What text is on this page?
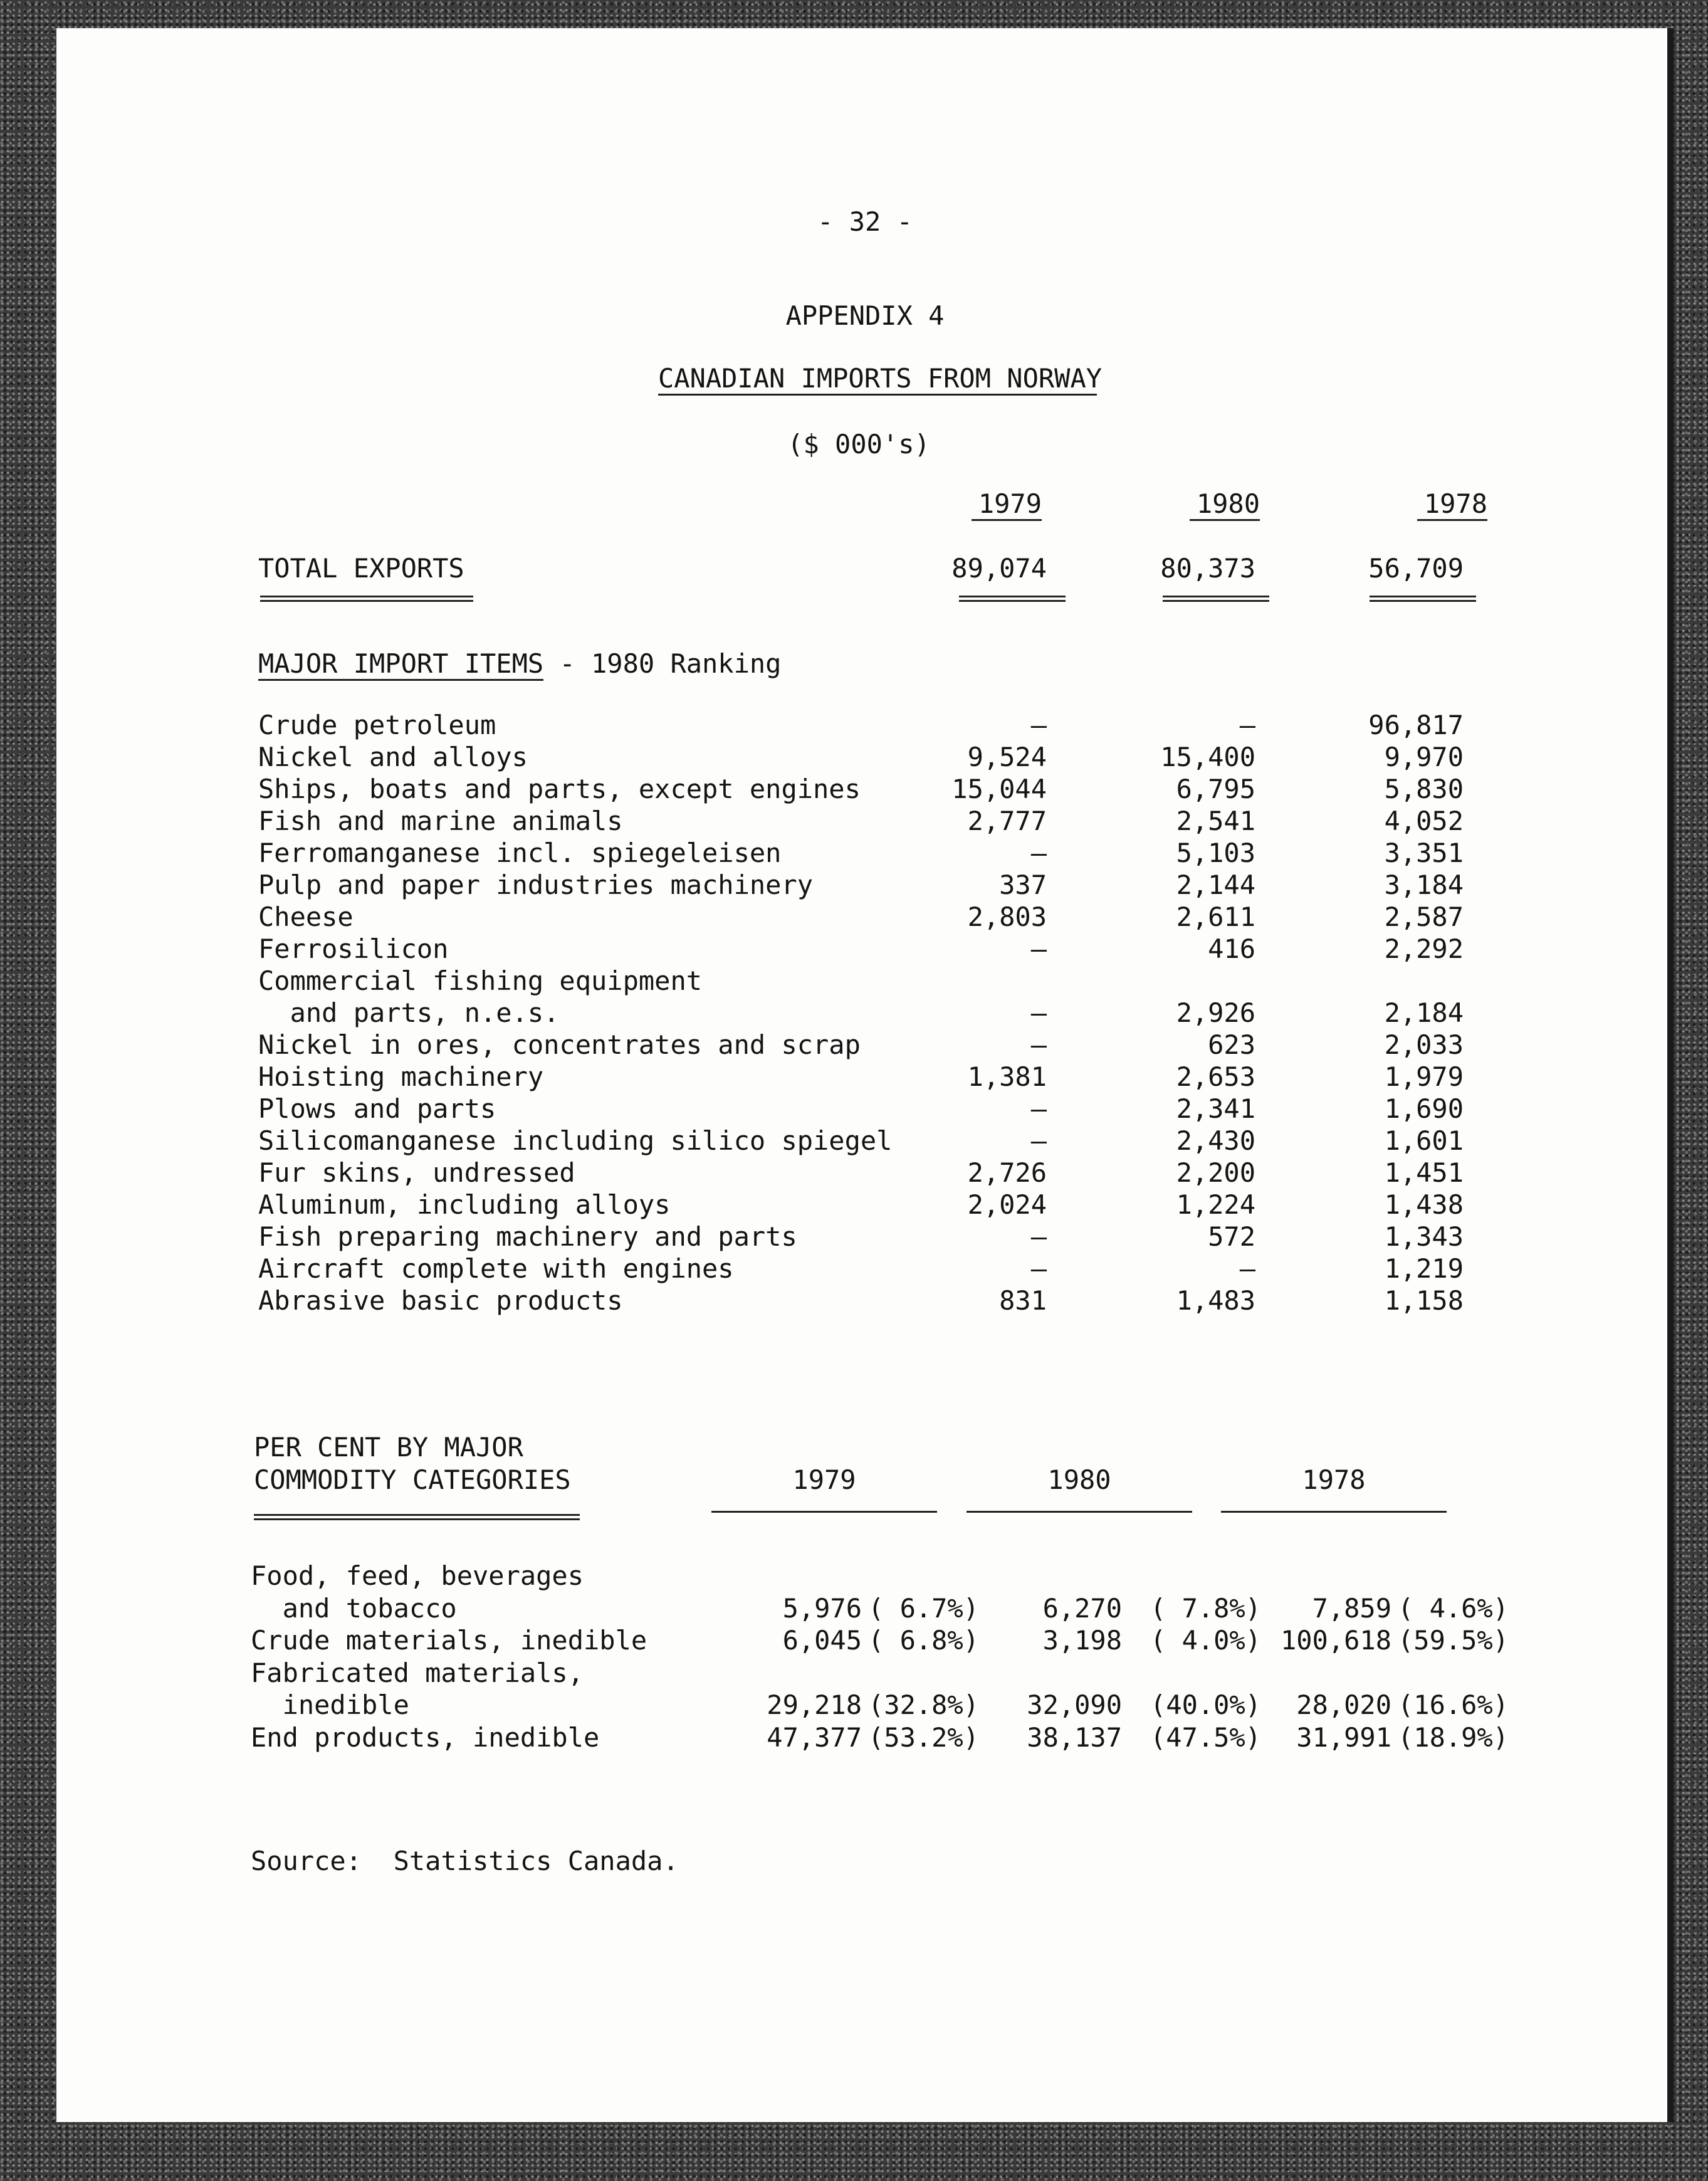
- 32 -
APPENDIX 4
CANADIAN IMPORTS FROM NORWAY
($ 000's)
1979	1980	1978
TOTAL EXPORTS	89,074	80,373	56,709
MAJOR IMPORT ITEMS - 1980 Ranking
Crude petroleum	—	—	96,817
Nickel and alloys	9,524	15,400	9,970
Ships, boats and parts, except engines	15,044	6,795	5,830
Fish and marine animals	2,777	2,541	4,052
Ferromanganese incl. spiegeleisen	—	5,103	3,351
Pulp and paper industries machinery	337	2,144	3,184
Cheese	2,803	2,611	2,587
Ferrosilicon	—	416	2,292
Commercial fishing equipment
and parts, n.e.s.	—	2,926	2,184
Nickel in ores, concentrates and scrap	—	623	2,033
Hoisting machinery	1,381	2,653	1,979
Plows and parts	—	2,341	1,690
Silicomanganese including silico spiegel	—	2,430	1,601
Fur skins, undressed	2,726	2,200	1,451
Aluminum, including alloys	2,024	1,224	1,438
Fish preparing machinery and parts	—	572	1,343
Aircraft complete with engines	—	—	1,219
Abrasive basic products	831	1,483	1,158
PER CENT BY MAJOR
COMMODITY CATEGORIES	1979	1980	1978
Food, feed, beverages
and tobacco	5,976 ( 6.7%)	6,270 ( 7.8%)	7,859 ( 4.6%)
Crude materials, inedible	6,045 ( 6.8%)	3,198 ( 4.0%) 100,618 (59.5%)
Fabricated materials,
inedible	29,218 (32.8%)	32,090 (40.0%)	28,020 (16.6%)
End products, inedible	47,377 (53.2%)	38,137 (47.5%)	31,991 (18.9%)
Source:  Statistics Canada.
